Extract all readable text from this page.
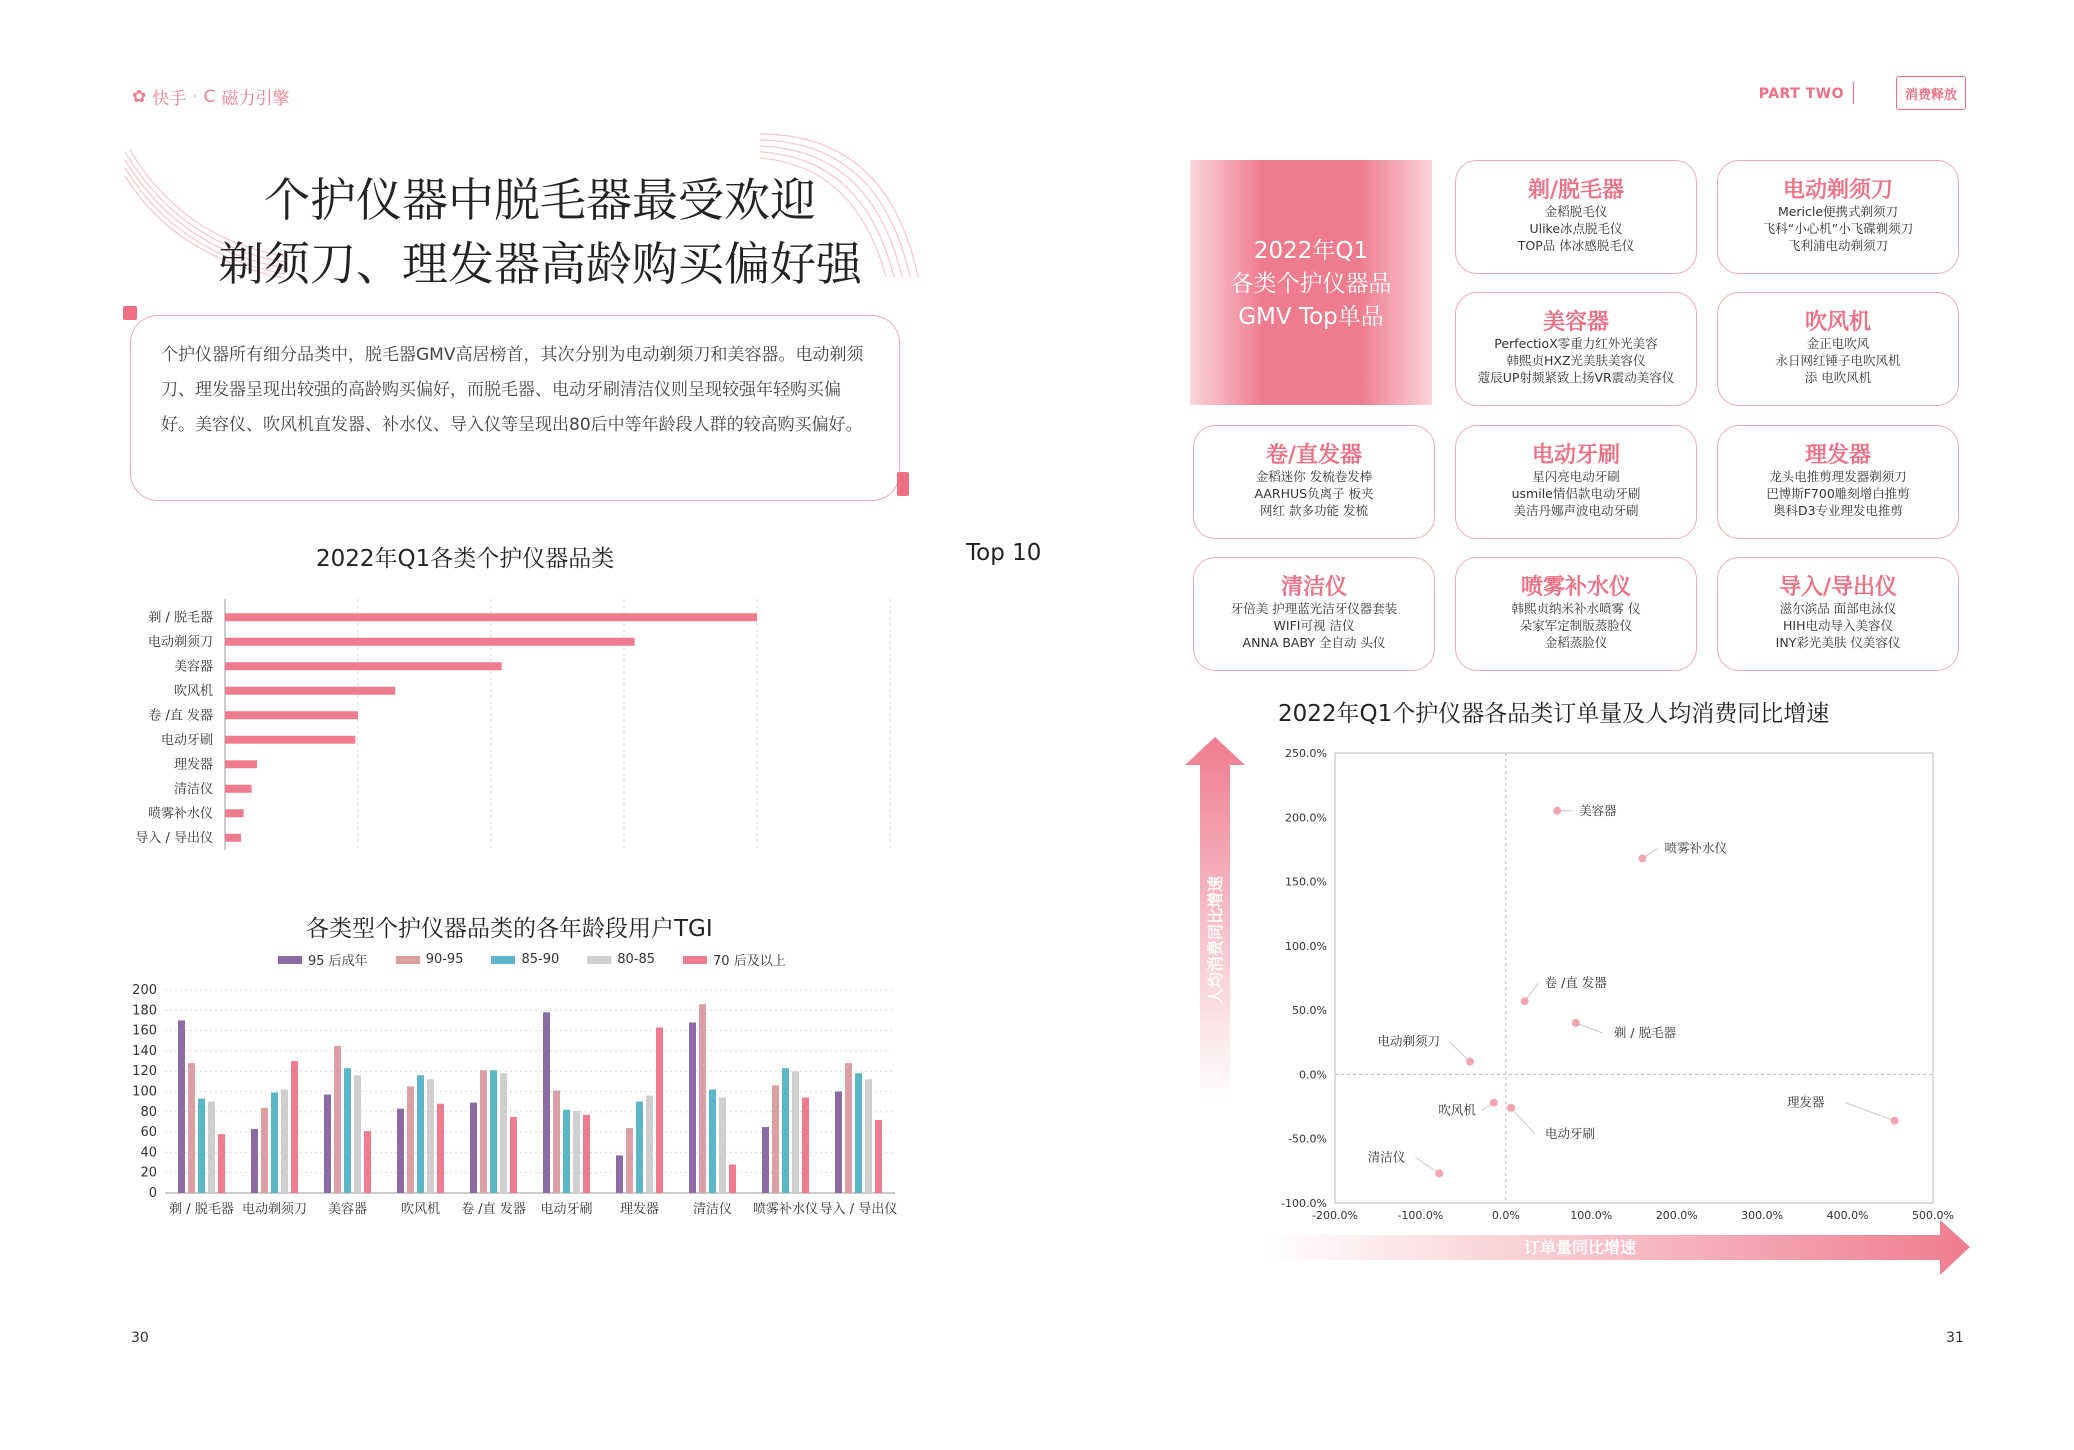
✿ 快手 · C 磁力引擎
个护仪器中脱毛器最受欢迎
剃须刀、理发器高龄购买偏好强
个护仪器所有细分品类中，脱毛器GMV高居榜首，其次分别为电动剃须刀和美容器。电动剃须刀、理发器呈现出较强的高龄购买偏好，而脱毛器、电动牙刷清洁仪则呈现较强年轻购买偏好。美容仪、吹风机直发器、补水仪、导入仪等呈现出80后中等年龄段人群的较高购买偏好。
2022年Q1各类个护仪器品类	Top 10
剃 / 脱毛器
电动剃须刀
美容器
吹风机
卷 /直 发器
电动牙刷
理发器
清洁仪
喷雾补水仪
导入 / 导出仪
各类型个护仪器品类的各年龄段用户TGI
95 后成年	90-95	85-90	80-85	70 后及以上
0
20
40
60
80
100
120
140
160
180
200
剃 / 脱毛器 电动剃须刀 美容器	吹风机 卷 /直 发器 电动牙刷 理发器	清洁仪 喷雾补水仪 导入 / 导出仪
30
PART TWO	消费释放
2022年Q1
各类个护仪器品
GMV Top单品
剃/脱毛器
金稻脱毛仪
Ulike冰点脱毛仪
TOP品 体冰感脱毛仪
电动剃须刀
Mericle便携式剃须刀
飞科“小心机”小飞碟剃须刀
飞利浦电动剃须刀
美容器
PerfectioX零重力红外光美容
韩熙贞HXZ光美肤美容仪
蔻辰UP射频紧致上扬VR震动美容仪
吹风机
金正电吹风
永日网红锤子电吹风机
添 电吹风机
卷/直发器
金稻迷你 发梳卷发棒
AARHUS负离子 板夹
网红 款多功能 发梳
电动牙刷
星闪亮电动牙刷
usmile情侣款电动牙刷
美洁丹娜声波电动牙刷
理发器
龙头电推剪理发器剃须刀
巴博斯F700雕刻增白推剪
奥科D3专业理发电推剪
清洁仪
牙倍美 护理蓝光洁牙仪器套装
WIFI可视 洁仪
ANNA BABY 全自动 头仪
喷雾补水仪
韩熙贞纳米补水喷雾 仪
朵家军定制版蒸脸仪
金稻蒸脸仪
导入/导出仪
滋尔滨品 面部电泳仪
HIH电动导入美容仪
INY彩光美肤 仪美容仪
2022年Q1个护仪器各品类订单量及人均消费同比增速
人均消费同比增速
订单量同比增速
-100.0%
-50.0%
0.0%
50.0%
100.0%
150.0%
200.0%
250.0%
-200.0%	-100.0%	0.0%	100.0%	200.0%	300.0%	400.0%	500.0%
美容器
喷雾补水仪
卷 /直 发器
剃 / 脱毛器
电动剃须刀
吹风机
电动牙刷
清洁仪
理发器
31
